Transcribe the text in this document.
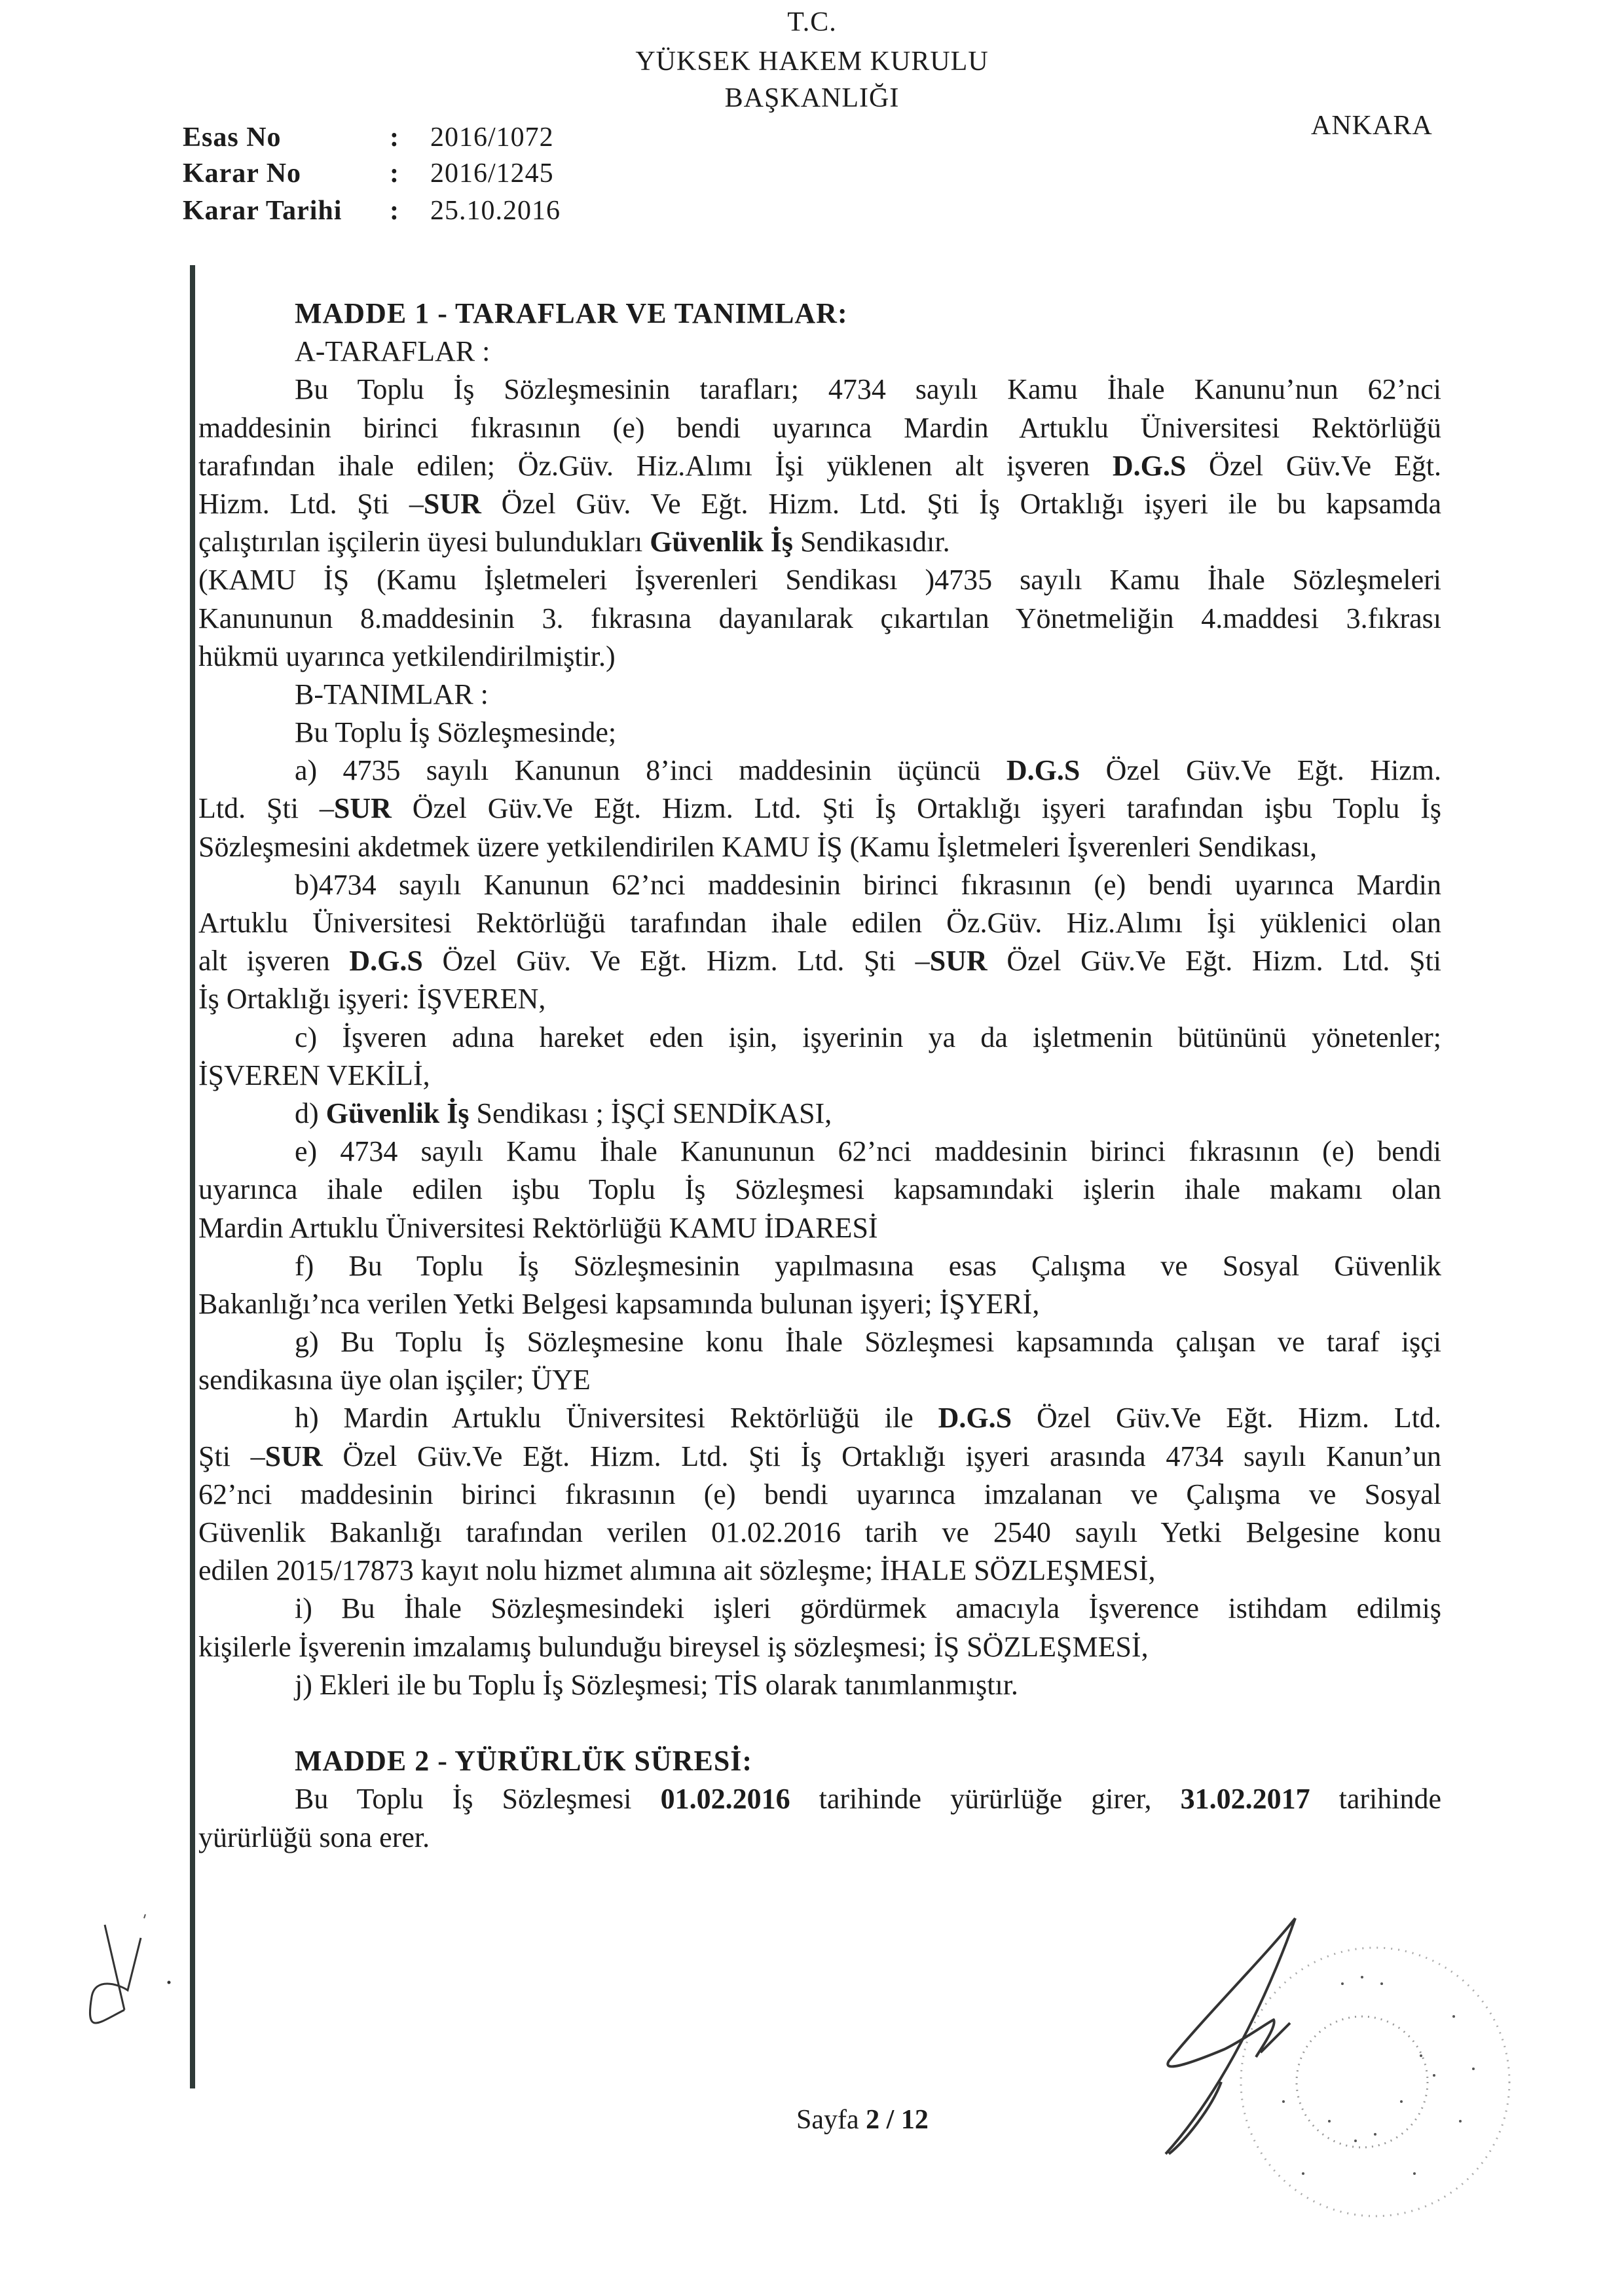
T.C.
YÜKSEK HAKEM KURULU
BAŞKANLIĞI
ANKARA
Esas No	: 2016/1072
Karar No	: 2016/1245
Karar Tarihi : 25.10.2016
MADDE 1 - TARAFLAR VE TANIMLAR:
A-TARAFLAR :
Bu Toplu İş Sözleşmesinin tarafları; 4734 sayılı Kamu İhale Kanunu’nun 62’nci
maddesinin birinci fıkrasının (e) bendi uyarınca Mardin Artuklu Üniversitesi Rektörlüğü
tarafından ihale edilen; Öz.Güv. Hiz.Alımı İşi yüklenen alt işveren D.G.S Özel Güv.Ve Eğt.
Hizm. Ltd. Şti –SUR Özel Güv. Ve Eğt. Hizm. Ltd. Şti İş Ortaklığı işyeri ile bu kapsamda
çalıştırılan işçilerin üyesi bulundukları Güvenlik İş Sendikasıdır.
(KAMU İŞ (Kamu İşletmeleri İşverenleri Sendikası )4735 sayılı Kamu İhale Sözleşmeleri
Kanununun 8.maddesinin 3. fıkrasına dayanılarak çıkartılan Yönetmeliğin 4.maddesi 3.fıkrası
hükmü uyarınca yetkilendirilmiştir.)
B-TANIMLAR :
Bu Toplu İş Sözleşmesinde;
a) 4735 sayılı Kanunun 8’inci maddesinin üçüncü D.G.S Özel Güv.Ve Eğt. Hizm.
Ltd. Şti –SUR Özel Güv.Ve Eğt. Hizm. Ltd. Şti İş Ortaklığı işyeri tarafından işbu Toplu İş
Sözleşmesini akdetmek üzere yetkilendirilen KAMU İŞ (Kamu İşletmeleri İşverenleri Sendikası,
b)4734 sayılı Kanunun 62’nci maddesinin birinci fıkrasının (e) bendi uyarınca Mardin
Artuklu Üniversitesi Rektörlüğü tarafından ihale edilen Öz.Güv. Hiz.Alımı İşi yüklenici olan
alt işveren D.G.S Özel Güv. Ve Eğt. Hizm. Ltd. Şti –SUR Özel Güv.Ve Eğt. Hizm. Ltd. Şti
İş Ortaklığı işyeri: İŞVEREN,
c) İşveren adına hareket eden işin, işyerinin ya da işletmenin bütününü yönetenler;
İŞVEREN VEKİLİ,
d) Güvenlik İş Sendikası ; İŞÇİ SENDİKASI,
e) 4734 sayılı Kamu İhale Kanununun 62’nci maddesinin birinci fıkrasının (e) bendi
uyarınca ihale edilen işbu Toplu İş Sözleşmesi kapsamındaki işlerin ihale makamı olan
Mardin Artuklu Üniversitesi Rektörlüğü KAMU İDARESİ
f) Bu Toplu İş Sözleşmesinin yapılmasına esas Çalışma ve Sosyal Güvenlik
Bakanlığı’nca verilen Yetki Belgesi kapsamında bulunan işyeri; İŞYERİ,
g) Bu Toplu İş Sözleşmesine konu İhale Sözleşmesi kapsamında çalışan ve taraf işçi
sendikasına üye olan işçiler; ÜYE
h) Mardin Artuklu Üniversitesi Rektörlüğü ile D.G.S Özel Güv.Ve Eğt. Hizm. Ltd.
Şti –SUR Özel Güv.Ve Eğt. Hizm. Ltd. Şti İş Ortaklığı işyeri arasında 4734 sayılı Kanun’un
62’nci maddesinin birinci fıkrasının (e) bendi uyarınca imzalanan ve Çalışma ve Sosyal
Güvenlik Bakanlığı tarafından verilen 01.02.2016 tarih ve 2540 sayılı Yetki Belgesine konu
edilen 2015/17873 kayıt nolu hizmet alımına ait sözleşme; İHALE SÖZLEŞMESİ,
i) Bu İhale Sözleşmesindeki işleri gördürmek amacıyla İşverence istihdam edilmiş
kişilerle İşverenin imzalamış bulunduğu bireysel iş sözleşmesi; İŞ SÖZLEŞMESİ,
j) Ekleri ile bu Toplu İş Sözleşmesi; TİS olarak tanımlanmıştır.
MADDE 2 - YÜRÜRLÜK SÜRESİ:
Bu Toplu İş Sözleşmesi 01.02.2016 tarihinde yürürlüğe girer, 31.02.2017 tarihinde
yürürlüğü sona erer.
Sayfa 2 / 12
